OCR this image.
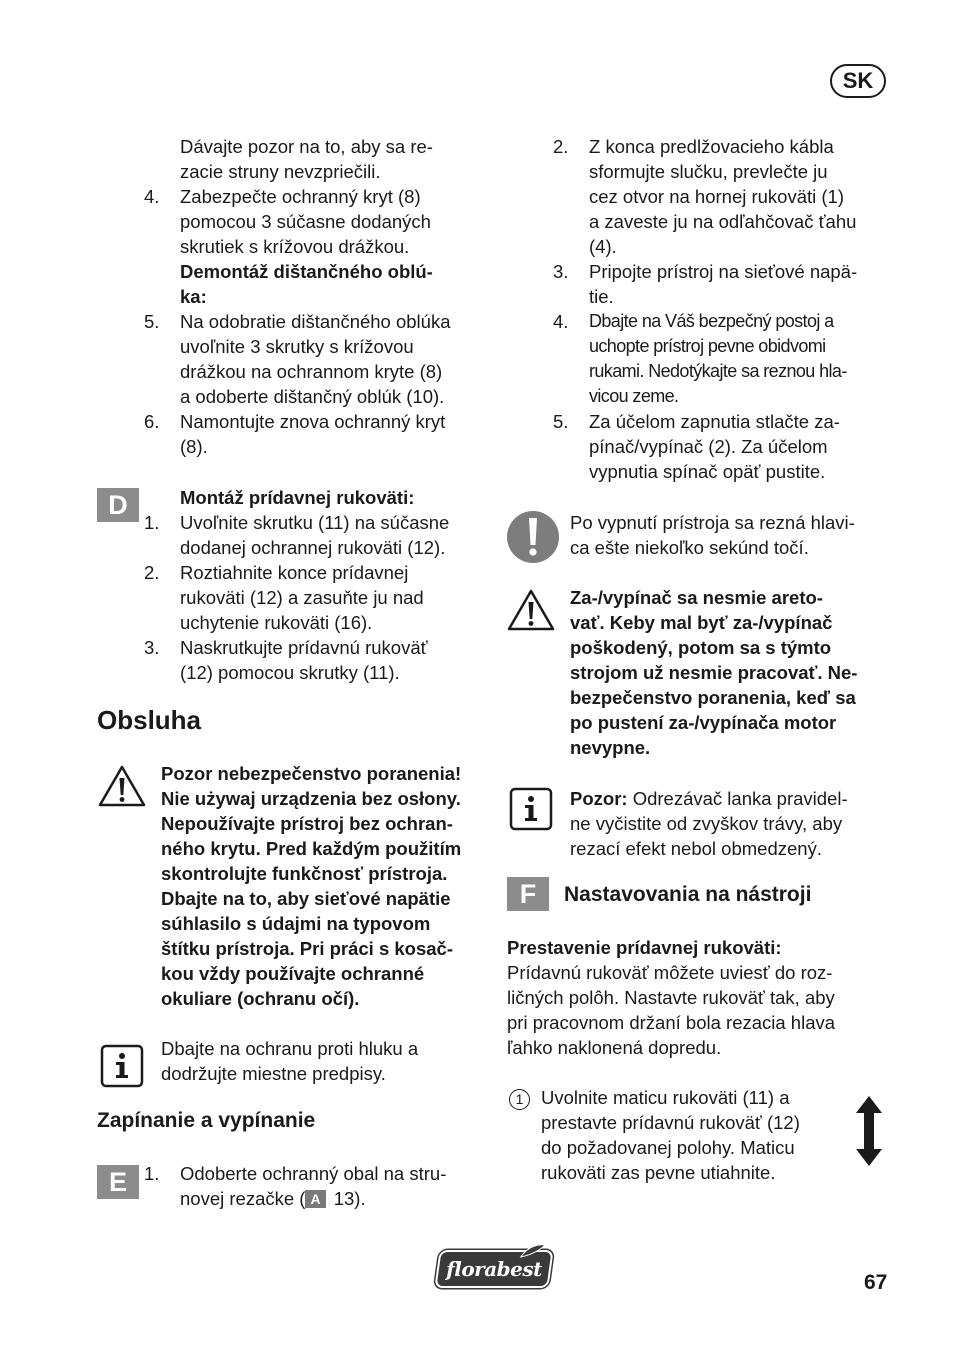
SK
Dávajte pozor na to, aby sa re-
zacie struny nevzpriečili.
4. Zabezpečte ochranný kryt (8)
pomocou 3 súčasne dodaných
skrutiek s krížovou drážkou.
Demontáž dištančného oblú-
ka:
5. Na odobratie dištančného oblúka
uvoľnite 3 skrutky s krížovou
drážkou na ochrannom kryte (8)
a odoberte dištančný oblúk (10).
6. Namontujte znova ochranný kryt
(8).
D	Montáž prídavnej rukoväti:
1. Uvoľnite skrutku (11) na súčasne
dodanej ochrannej rukoväti (12).
2. Roztiahnite konce prídavnej
rukoväti (12) a zasuňte ju nad
uchytenie rukoväti (16).
3. Naskrutkujte prídavnú rukoväť
(12) pomocou skrutky (11).
Obsluha
Pozor nebezpečenstvo poranenia!
Nie używaj urządzenia bez osłony.
Nepoužívajte prístroj bez ochran-
ného krytu. Pred každým použitím
skontrolujte funkčnosť prístroja.
Dbajte na to, aby sieťové napätie
súhlasilo s údajmi na typovom
štítku prístroja. Pri práci s kosač-
kou vždy používajte ochranné
okuliare (ochranu očí).
Dbajte na ochranu proti hluku a
dodržujte miestne predpisy.
Zapínanie a vypínanie
E 1. Odoberte ochranný obal na stru-
novej rezačke ( A 13).
2. Z konca predlžovacieho kábla
sformujte slučku, prevlečte ju
cez otvor na hornej rukoväti (1)
a zaveste ju na odľahčovač ťahu
(4).
3. Pripojte prístroj na sieťové napä-
tie.
4. Dbajte na Váš bezpečný postoj a
uchopte prístroj pevne obidvomi
rukami. Nedotýkajte sa reznou hla-
vicou zeme.
5. Za účelom zapnutia stlačte za-
pínač/vypínač (2). Za účelom
vypnutia spínač opäť pustite.
Po vypnutí prístroja sa rezná hlavi-
ca ešte niekoľko sekúnd točí.
Za-/vypínač sa nesmie areto-
vať. Keby mal byť za-/vypínač
poškodený, potom sa s týmto
strojom už nesmie pracovať. Ne-
bezpečenstvo poranenia, keď sa
po pustení za-/vypínača motor
nevypne.
Pozor: Odrezávač lanka pravidel-
ne vyčistite od zvyškov trávy, aby
rezací efekt nebol obmedzený.
F	Nastavovania na nástroji
Prestavenie prídavnej rukoväti:
Prídavnú rukoväť môžete uviesť do roz-
ličných polôh. Nastavte rukoväť tak, aby
pri pracovnom držaní bola rezacia hlava
ľahko naklonená dopredu.
1 Uvolnite maticu rukoväti (11) a
prestavte prídavnú rukoväť (12)
do požadovanej polohy. Maticu
rukoväti zas pevne utiahnite.
florabest
67
